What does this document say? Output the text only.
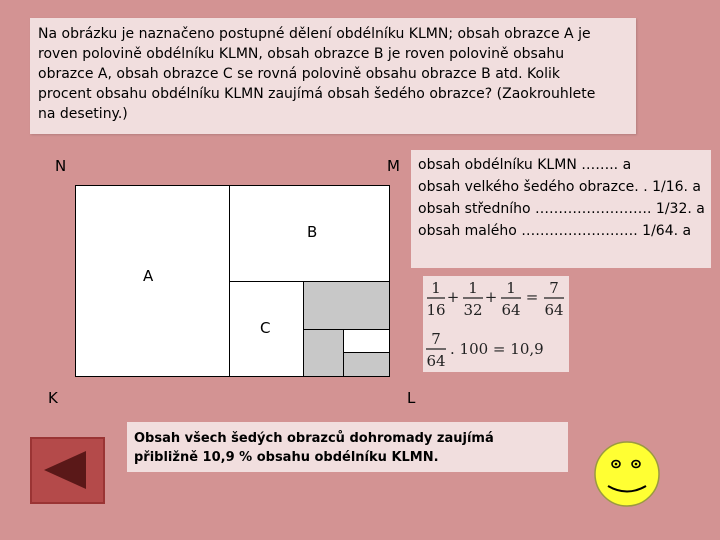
Na obrázku je naznačeno postupné dělení obdélníku KLMN; obsah obrazce A je
roven polovině obdélníku KLMN, obsah obrazce B je roven polovině obsahu
obrazce A, obsah obrazce C se rovná polovině obsahu obrazce B atd. Kolik
procent obsahu obdélníku KLMN zaujímá obsah šedého obrazce? (Zaokrouhlete
na desetiny.)
N	M
K	L
A
B
C
obsah obdélníku KLMN …….. a
obsah velkého šedého obrazce. . 1/16. a
obsah středního ……………………. 1/32. a
obsah malého ……………………. 1/64. a
1
16
+ 1
32
+ 1
64
= 7
64
7
64
. 100 = 10,9

Obsah všech šedých obrazců dohromady zaujímá přibližně 10,9 % obsahu obdélníku KLMN.
